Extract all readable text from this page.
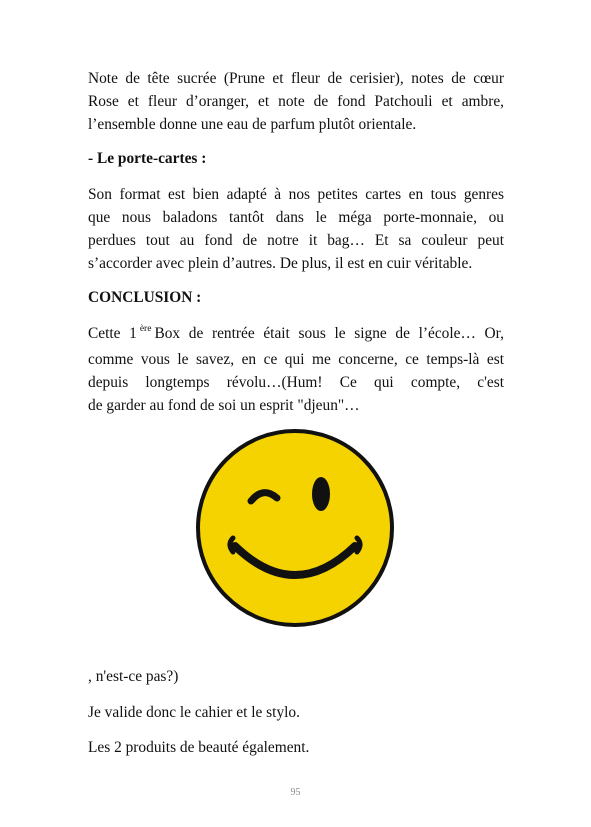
Note de tête sucrée (Prune et fleur de cerisier), notes de cœur
Rose et fleur d’oranger, et note de fond Patchouli et ambre,
l’ensemble donne une eau de parfum plutôt orientale.
- Le porte-cartes :
Son format est bien adapté à nos petites cartes en tous genres
que nous baladons tantôt dans le méga porte-monnaie, ou
perdues tout au fond de notre it bag… Et sa couleur peut
s’accorder avec plein d’autres. De plus, il est en cuir véritable.
CONCLUSION :
Cette 1 $^{ère}$ Box de rentrée était sous le signe de l’école… Or,
comme vous le savez, en ce qui me concerne, ce temps-là est
depuis longtemps révolu…(Hum! Ce qui compte, c'est
de garder au fond de soi un esprit "djeun"…
, n'est-ce pas?)
Je valide donc le cahier et le stylo.
Les 2 produits de beauté également.
95
